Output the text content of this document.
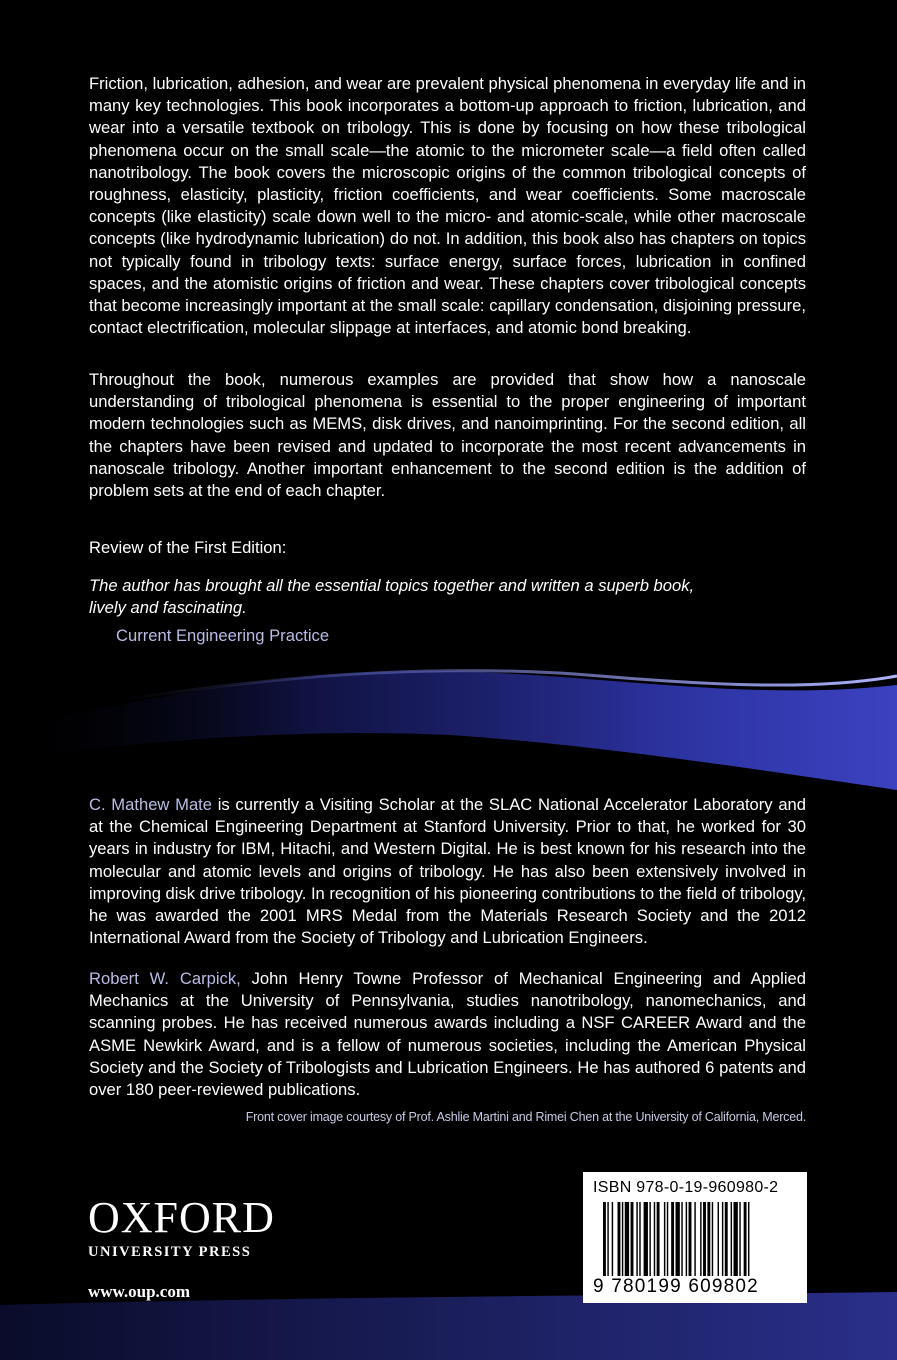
Friction, lubrication, adhesion, and wear are prevalent physical phenomena in everyday life and in many key technologies. This book incorporates a bottom-up approach to friction, lubrication, and wear into a versatile textbook on tribology. This is done by focusing on how these tribological phenomena occur on the small scale—the atomic to the micrometer scale—a field often called nanotribology. The book covers the microscopic origins of the common tribological concepts of roughness, elasticity, plasticity, friction coefficients, and wear coefficients. Some macroscale concepts (like elasticity) scale down well to the micro- and atomic-scale, while other macroscale concepts (like hydrodynamic lubrication) do not. In addition, this book also has chapters on topics not typically found in tribology texts: surface energy, surface forces, lubrication in confined spaces, and the atomistic origins of friction and wear. These chapters cover tribological concepts that become increasingly important at the small scale: capillary condensation, disjoining pressure, contact electrification, molecular slippage at interfaces, and atomic bond breaking.
Throughout the book, numerous examples are provided that show how a nanoscale understanding of tribological phenomena is essential to the proper engineering of important modern technologies such as MEMS, disk drives, and nanoimprinting. For the second edition, all the chapters have been revised and updated to incorporate the most recent advancements in nanoscale tribology. Another important enhancement to the second edition is the addition of problem sets at the end of each chapter.
Review of the First Edition:
The author has brought all the essential topics together and written a superb book, lively and fascinating.
Current Engineering Practice
C. Mathew Mate is currently a Visiting Scholar at the SLAC National Accelerator Laboratory and at the Chemical Engineering Department at Stanford University. Prior to that, he worked for 30 years in industry for IBM, Hitachi, and Western Digital. He is best known for his research into the molecular and atomic levels and origins of tribology. He has also been extensively involved in improving disk drive tribology. In recognition of his pioneering contributions to the field of tribology, he was awarded the 2001 MRS Medal from the Materials Research Society and the 2012 International Award from the Society of Tribology and Lubrication Engineers.
Robert W. Carpick, John Henry Towne Professor of Mechanical Engineering and Applied Mechanics at the University of Pennsylvania, studies nanotribology, nanomechanics, and scanning probes. He has received numerous awards including a NSF CAREER Award and the ASME Newkirk Award, and is a fellow of numerous societies, including the American Physical Society and the Society of Tribologists and Lubrication Engineers. He has authored 6 patents and over 180 peer-reviewed publications.
Front cover image courtesy of Prof. Ashlie Martini and Rimei Chen at the University of California, Merced.
OXFORD
UNIVERSITY PRESS
www.oup.com
ISBN 978-0-19-960980-2
9 780199 609802
